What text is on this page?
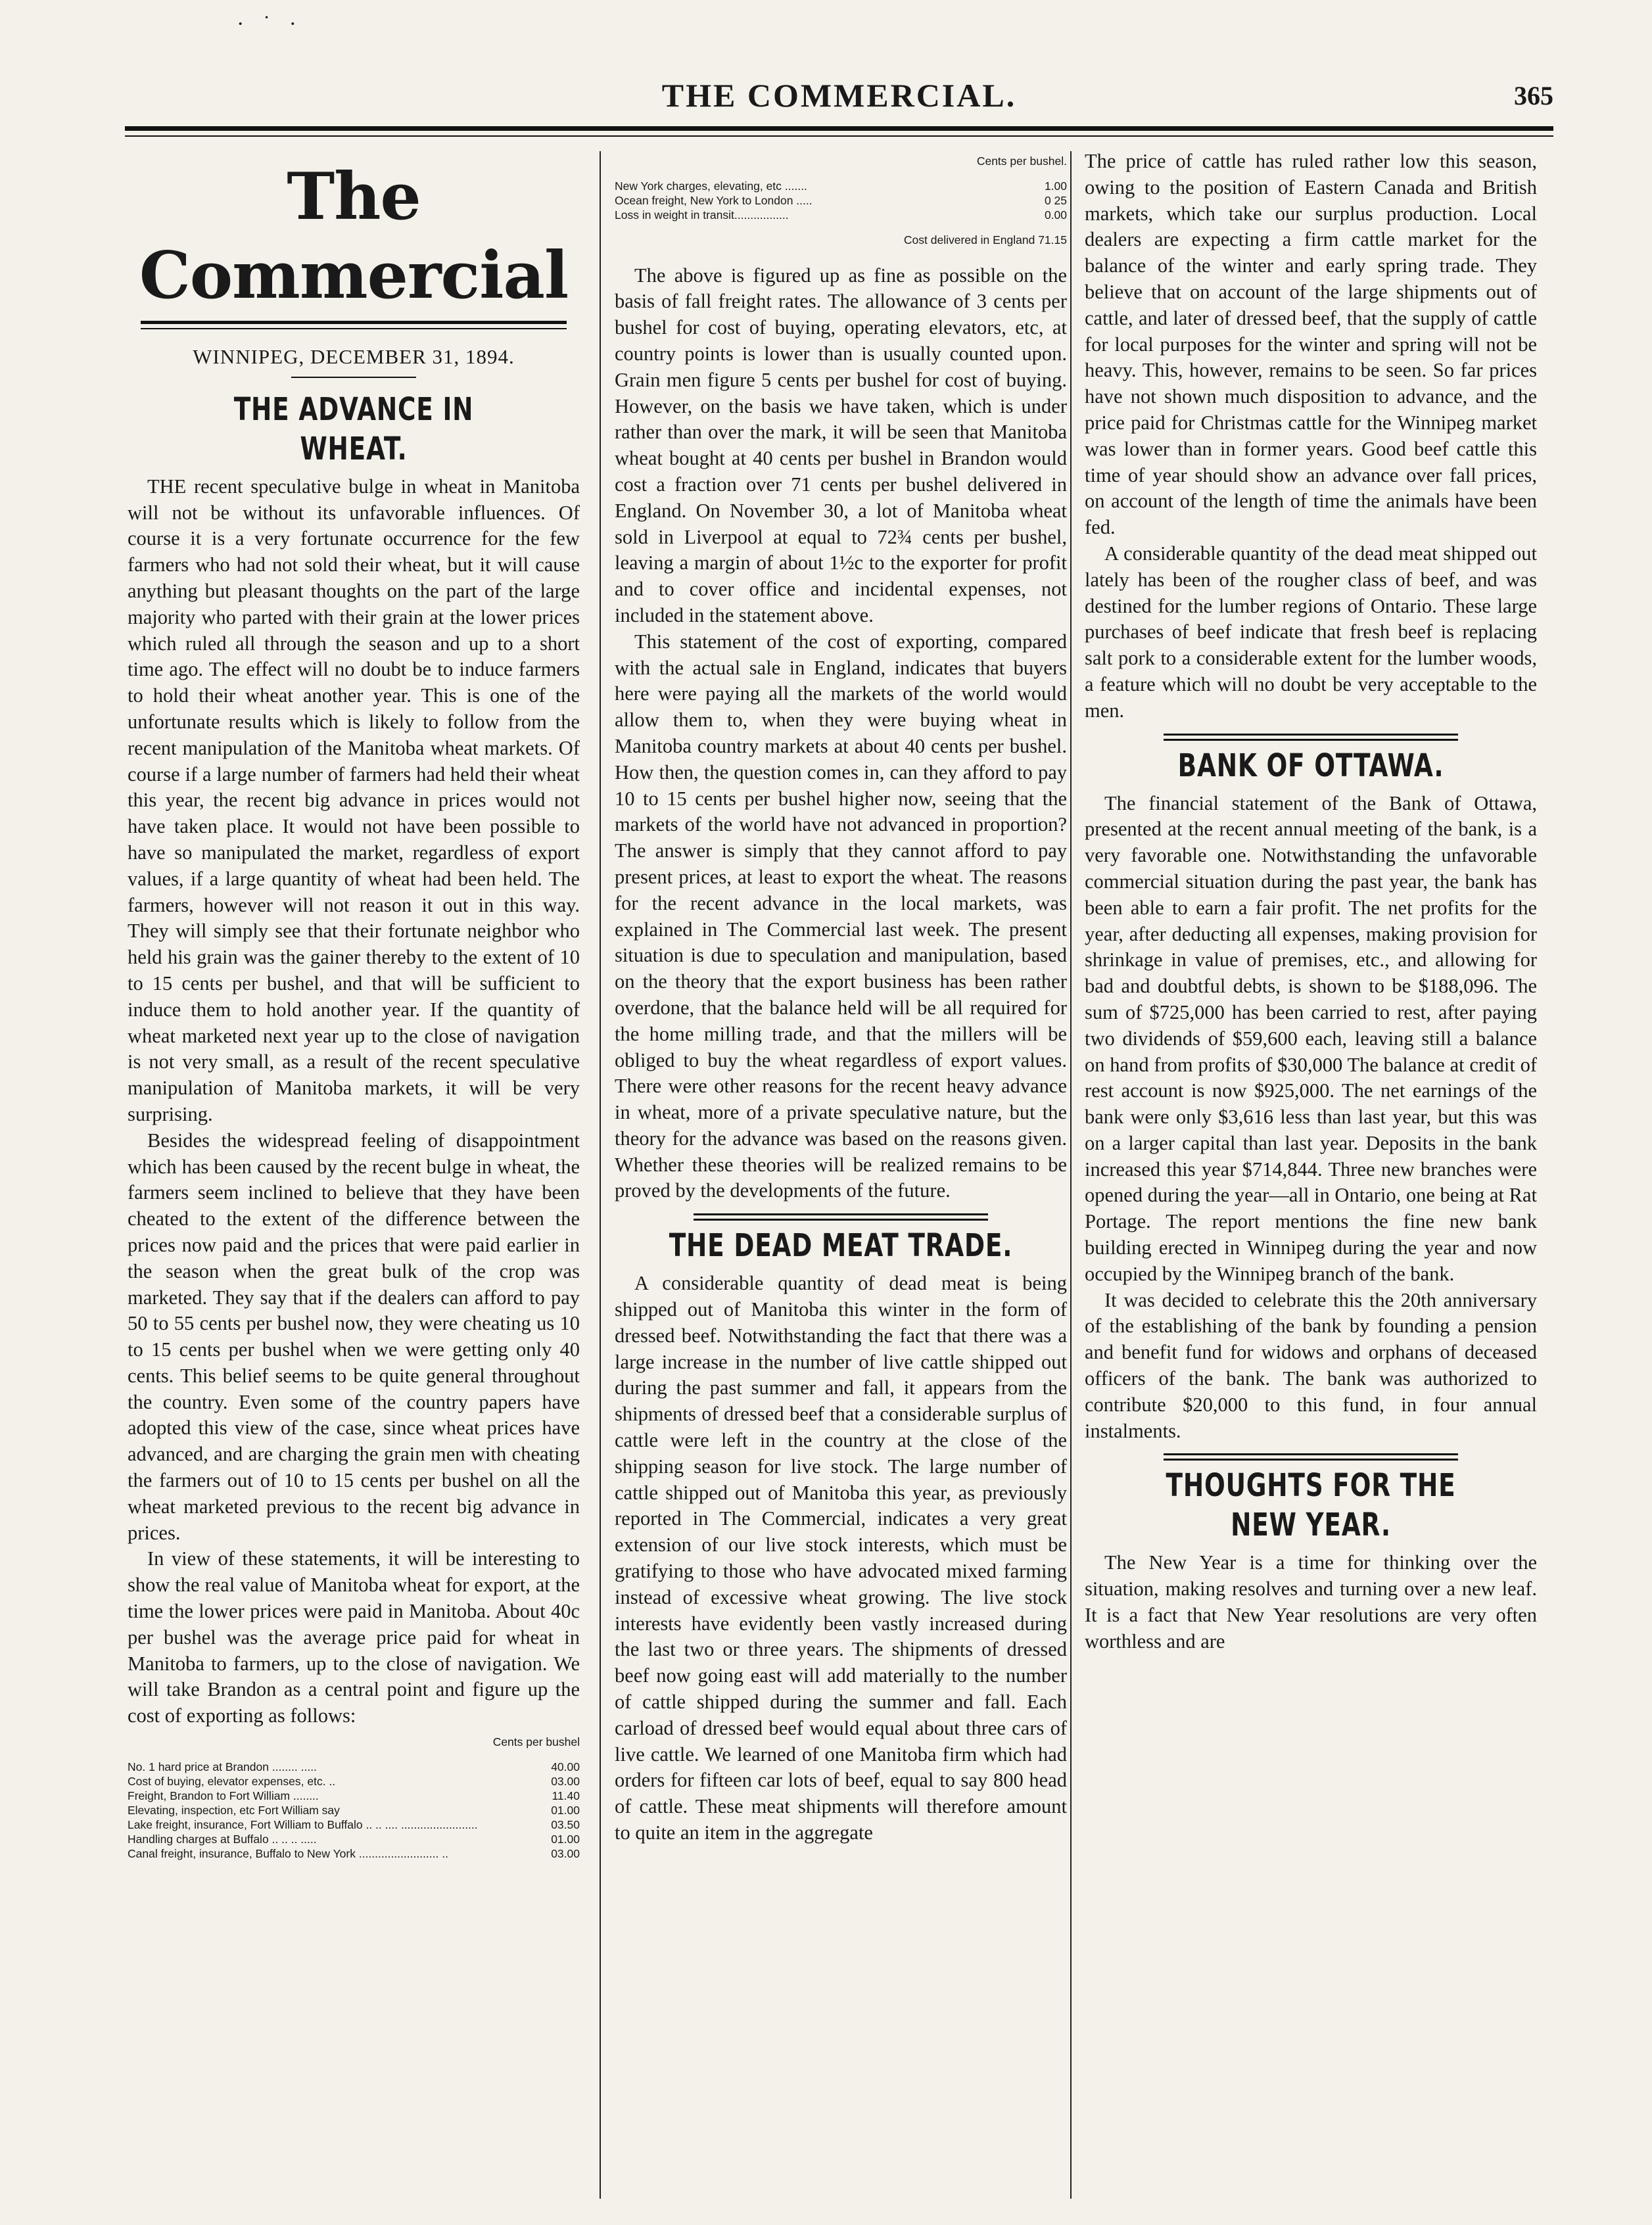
· ˙ ·
THE COMMERCIAL.	365
The Commercial
WINNIPEG, DECEMBER 31, 1894.
THE ADVANCE IN WHEAT.

THE recent speculative bulge in wheat in Manitoba will not be without its unfavorable influences. Of course it is a very fortunate occurrence for the few farmers who had not sold their wheat, but it will cause anything but pleasant thoughts on the part of the large majority who parted with their grain at the lower prices which ruled all through the season and up to a short time ago. The effect will no doubt be to induce farmers to hold their wheat another year. This is one of the unfortunate results which is likely to follow from the recent manipulation of the Manitoba wheat markets. Of course if a large number of farmers had held their wheat this year, the recent big advance in prices would not have taken place. It would not have been possible to have so manipulated the market, regardless of export values, if a large quantity of wheat had been held. The farmers, however will not reason it out in this way. They will simply see that their fortunate neighbor who held his grain was the gainer thereby to the extent of 10 to 15 cents per bushel, and that will be sufficient to induce them to hold another year. If the quantity of wheat marketed next year up to the close of navigation is not very small, as a result of the recent speculative manipulation of Manitoba markets, it will be very surprising.

Besides the widespread feeling of disappointment which has been caused by the recent bulge in wheat, the farmers seem inclined to believe that they have been cheated to the extent of the difference between the prices now paid and the prices that were paid earlier in the season when the great bulk of the crop was marketed. They say that if the dealers can afford to pay 50 to 55 cents per bushel now, they were cheating us 10 to 15 cents per bushel when we were getting only 40 cents. This belief seems to be quite general throughout the country. Even some of the country papers have adopted this view of the case, since wheat prices have advanced, and are charging the grain men with cheating the farmers out of 10 to 15 cents per bushel on all the wheat marketed previous to the recent big advance in prices.

In view of these statements, it will be interesting to show the real value of Manitoba wheat for export, at the time the lower prices were paid in Manitoba. About 40c per bushel was the average price paid for wheat in Manitoba to farmers, up to the close of navigation. We will take Brandon as a central point and figure up the cost of exporting as follows:

Cents per bushel
No. 1 hard price at Brandon ........ .....	40.00
Cost of buying, elevator expenses, etc. ..	03.00
Freight, Brandon to Fort William ........	11.40
Elevating, inspection, etc Fort William say	01.00
Lake freight, insurance, Fort William to Buffalo .. .. .... ........................	03.50
Handling charges at Buffalo .. .. .. .....	01.00
Canal freight, insurance, Buffalo to New York ......................... ..	03.00
Cents per bushel.
New York charges, elevating, etc .......	1.00
Ocean freight, New York to London .....	0 25
Loss in weight in transit.................	0.00
Cost delivered in England 71.15

The above is figured up as fine as possible on the basis of fall freight rates. The allowance of 3 cents per bushel for cost of buying, operating elevators, etc, at country points is lower than is usually counted upon. Grain men figure 5 cents per bushel for cost of buying. However, on the basis we have taken, which is under rather than over the mark, it will be seen that Manitoba wheat bought at 40 cents per bushel in Brandon would cost a fraction over 71 cents per bushel delivered in England. On November 30, a lot of Manitoba wheat sold in Liverpool at equal to 72¾ cents per bushel, leaving a margin of about 1½c to the exporter for profit and to cover office and incidental expenses, not included in the statement above.

This statement of the cost of exporting, compared with the actual sale in England, indicates that buyers here were paying all the markets of the world would allow them to, when they were buying wheat in Manitoba country markets at about 40 cents per bushel. How then, the question comes in, can they afford to pay 10 to 15 cents per bushel higher now, seeing that the markets of the world have not advanced in proportion? The answer is simply that they cannot afford to pay present prices, at least to export the wheat. The reasons for the recent advance in the local markets, was explained in The Commercial last week. The present situation is due to speculation and manipulation, based on the theory that the export business has been rather overdone, that the balance held will be all required for the home milling trade, and that the millers will be obliged to buy the wheat regardless of export values. There were other reasons for the recent heavy advance in wheat, more of a private speculative nature, but the theory for the advance was based on the reasons given. Whether these theories will be realized remains to be proved by the developments of the future.

THE DEAD MEAT TRADE.

A considerable quantity of dead meat is being shipped out of Manitoba this winter in the form of dressed beef. Notwithstanding the fact that there was a large increase in the number of live cattle shipped out during the past summer and fall, it appears from the shipments of dressed beef that a considerable surplus of cattle were left in the country at the close of the shipping season for live stock. The large number of cattle shipped out of Manitoba this year, as previously reported in The Commercial, indicates a very great extension of our live stock interests, which must be gratifying to those who have advocated mixed farming instead of excessive wheat growing. The live stock interests have evidently been vastly increased during the last two or three years. The shipments of dressed beef now going east will add materially to the number of cattle shipped during the summer and fall. Each carload of dressed beef would equal about three cars of live cattle. We learned of one Manitoba firm which had orders for fifteen car lots of beef, equal to say 800 head of cattle. These meat shipments will therefore amount to quite an item in the aggregate

The price of cattle has ruled rather low this season, owing to the position of Eastern Canada and British markets, which take our surplus production. Local dealers are expecting a firm cattle market for the balance of the winter and early spring trade. They believe that on account of the large shipments out of cattle, and later of dressed beef, that the supply of cattle for local purposes for the winter and spring will not be heavy. This, however, remains to be seen. So far prices have not shown much disposition to advance, and the price paid for Christmas cattle for the Winnipeg market was lower than in former years. Good beef cattle this time of year should show an advance over fall prices, on account of the length of time the animals have been fed.

A considerable quantity of the dead meat shipped out lately has been of the rougher class of beef, and was destined for the lumber regions of Ontario. These large purchases of beef indicate that fresh beef is replacing salt pork to a considerable extent for the lumber woods, a feature which will no doubt be very acceptable to the men.

BANK OF OTTAWA.

The financial statement of the Bank of Ottawa, presented at the recent annual meeting of the bank, is a very favorable one. Notwithstanding the unfavorable commercial situation during the past year, the bank has been able to earn a fair profit. The net profits for the year, after deducting all expenses, making provision for shrinkage in value of premises, etc., and allowing for bad and doubtful debts, is shown to be $188,096. The sum of $725,000 has been carried to rest, after paying two dividends of $59,600 each, leaving still a balance on hand from profits of $30,000 The balance at credit of rest account is now $925,000. The net earnings of the bank were only $3,616 less than last year, but this was on a larger capital than last year. Deposits in the bank increased this year $714,844. Three new branches were opened during the year—all in Ontario, one being at Rat Portage. The report mentions the fine new bank building erected in Winnipeg during the year and now occupied by the Winnipeg branch of the bank.

It was decided to celebrate this the 20th anniversary of the establishing of the bank by founding a pension and benefit fund for widows and orphans of deceased officers of the bank. The bank was authorized to contribute $20,000 to this fund, in four annual instalments.

THOUGHTS FOR THE NEW YEAR.

The New Year is a time for thinking over the situation, making resolves and turning over a new leaf. It is a fact that New Year resolutions are very often worthless and are
